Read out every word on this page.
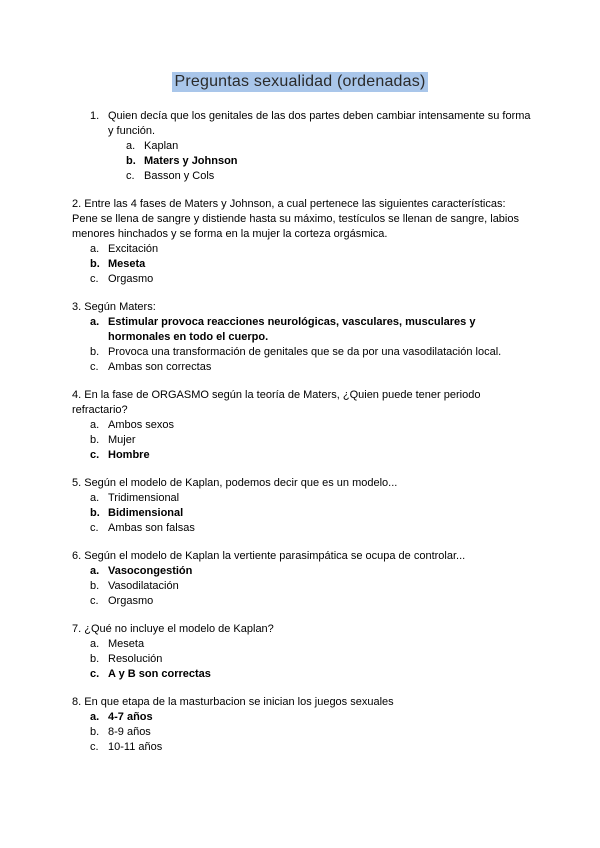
Preguntas sexualidad (ordenadas)
1. Quien decía que los genitales de las dos partes deben cambiar intensamente su forma y función.

a. Kaplan
b. Maters y Johnson
c. Basson y Cols

2. Entre las 4 fases de Maters y Johnson, a cual pertenece las siguientes características: Pene se llena de sangre y distiende hasta su máximo, testículos se llenan de sangre, labios menores hinchados y se forma en la mujer la corteza orgásmica.

a. Excitación
b. Meseta
c. Orgasmo

3. Según Maters:

a. Estimular provoca reacciones neurológicas, vasculares, musculares y hormonales en todo el cuerpo.
b. Provoca una transformación de genitales que se da por una vasodilatación local.
c. Ambas son correctas

4. En la fase de ORGASMO según la teoría de Maters, ¿Quien puede tener periodo refractario?

a. Ambos sexos
b. Mujer
c. Hombre

5. Según el modelo de Kaplan, podemos decir que es un modelo...

a. Tridimensional
b. Bidimensional
c. Ambas son falsas

6. Según el modelo de Kaplan la vertiente parasimpática se ocupa de controlar...

a. Vasocongestión
b. Vasodilatación
c. Orgasmo

7. ¿Qué no incluye el modelo de Kaplan?

a. Meseta
b. Resolución
c. A y B son correctas

8. En que etapa de la masturbacion se inician los juegos sexuales

a. 4-7 años
b. 8-9 años
c. 10-11 años
